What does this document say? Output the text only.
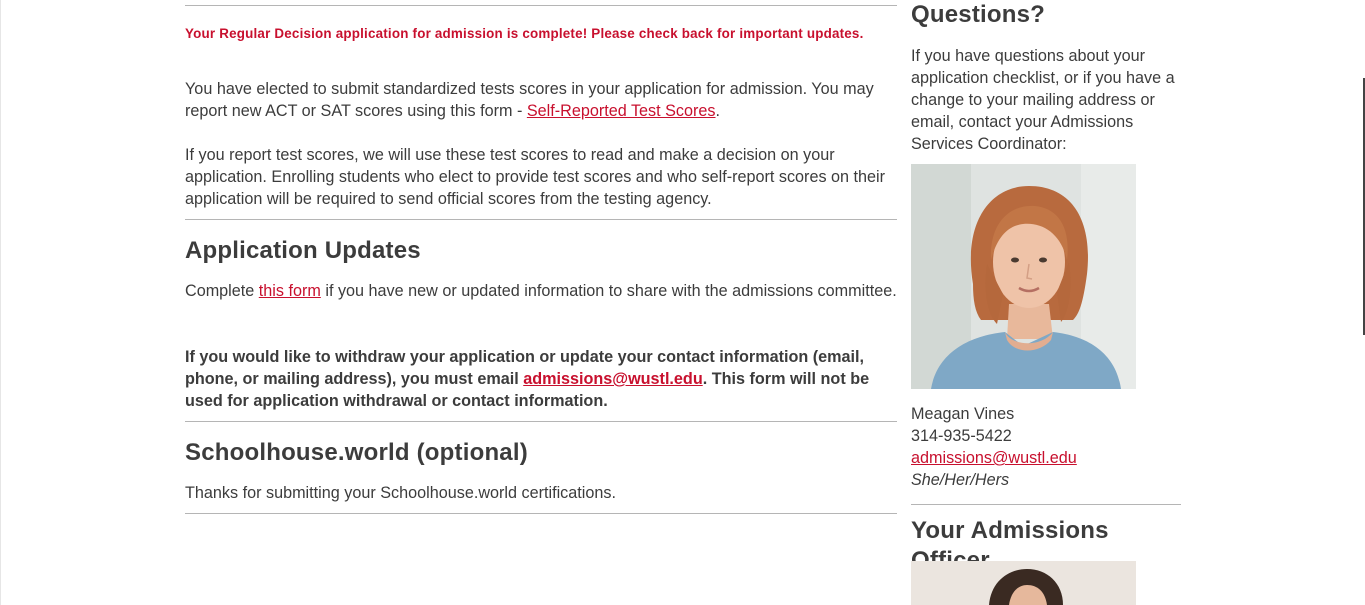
Your Regular Decision application for admission is complete! Please check back for important updates.

You have elected to submit standardized tests scores in your application for admission. You may report new ACT or SAT scores using this form - Self-Reported Test Scores.

If you report test scores, we will use these test scores to read and make a decision on your application. Enrolling students who elect to provide test scores and who self-report scores on their application will be required to send official scores from the testing agency.

Application Updates

Complete this form if you have new or updated information to share with the admissions committee.

If you would like to withdraw your application or update your contact information (email, phone, or mailing address), you must email admissions@wustl.edu. This form will not be used for application withdrawal or contact information.

Schoolhouse.world (optional)

Thanks for submitting your Schoolhouse.world certifications.

Questions?

If you have questions about your application checklist, or if you have a change to your mailing address or email, contact your Admissions Services Coordinator:

Meagan Vines
314-935-5422
admissions@wustl.edu
She/Her/Hers
Your Admissions
